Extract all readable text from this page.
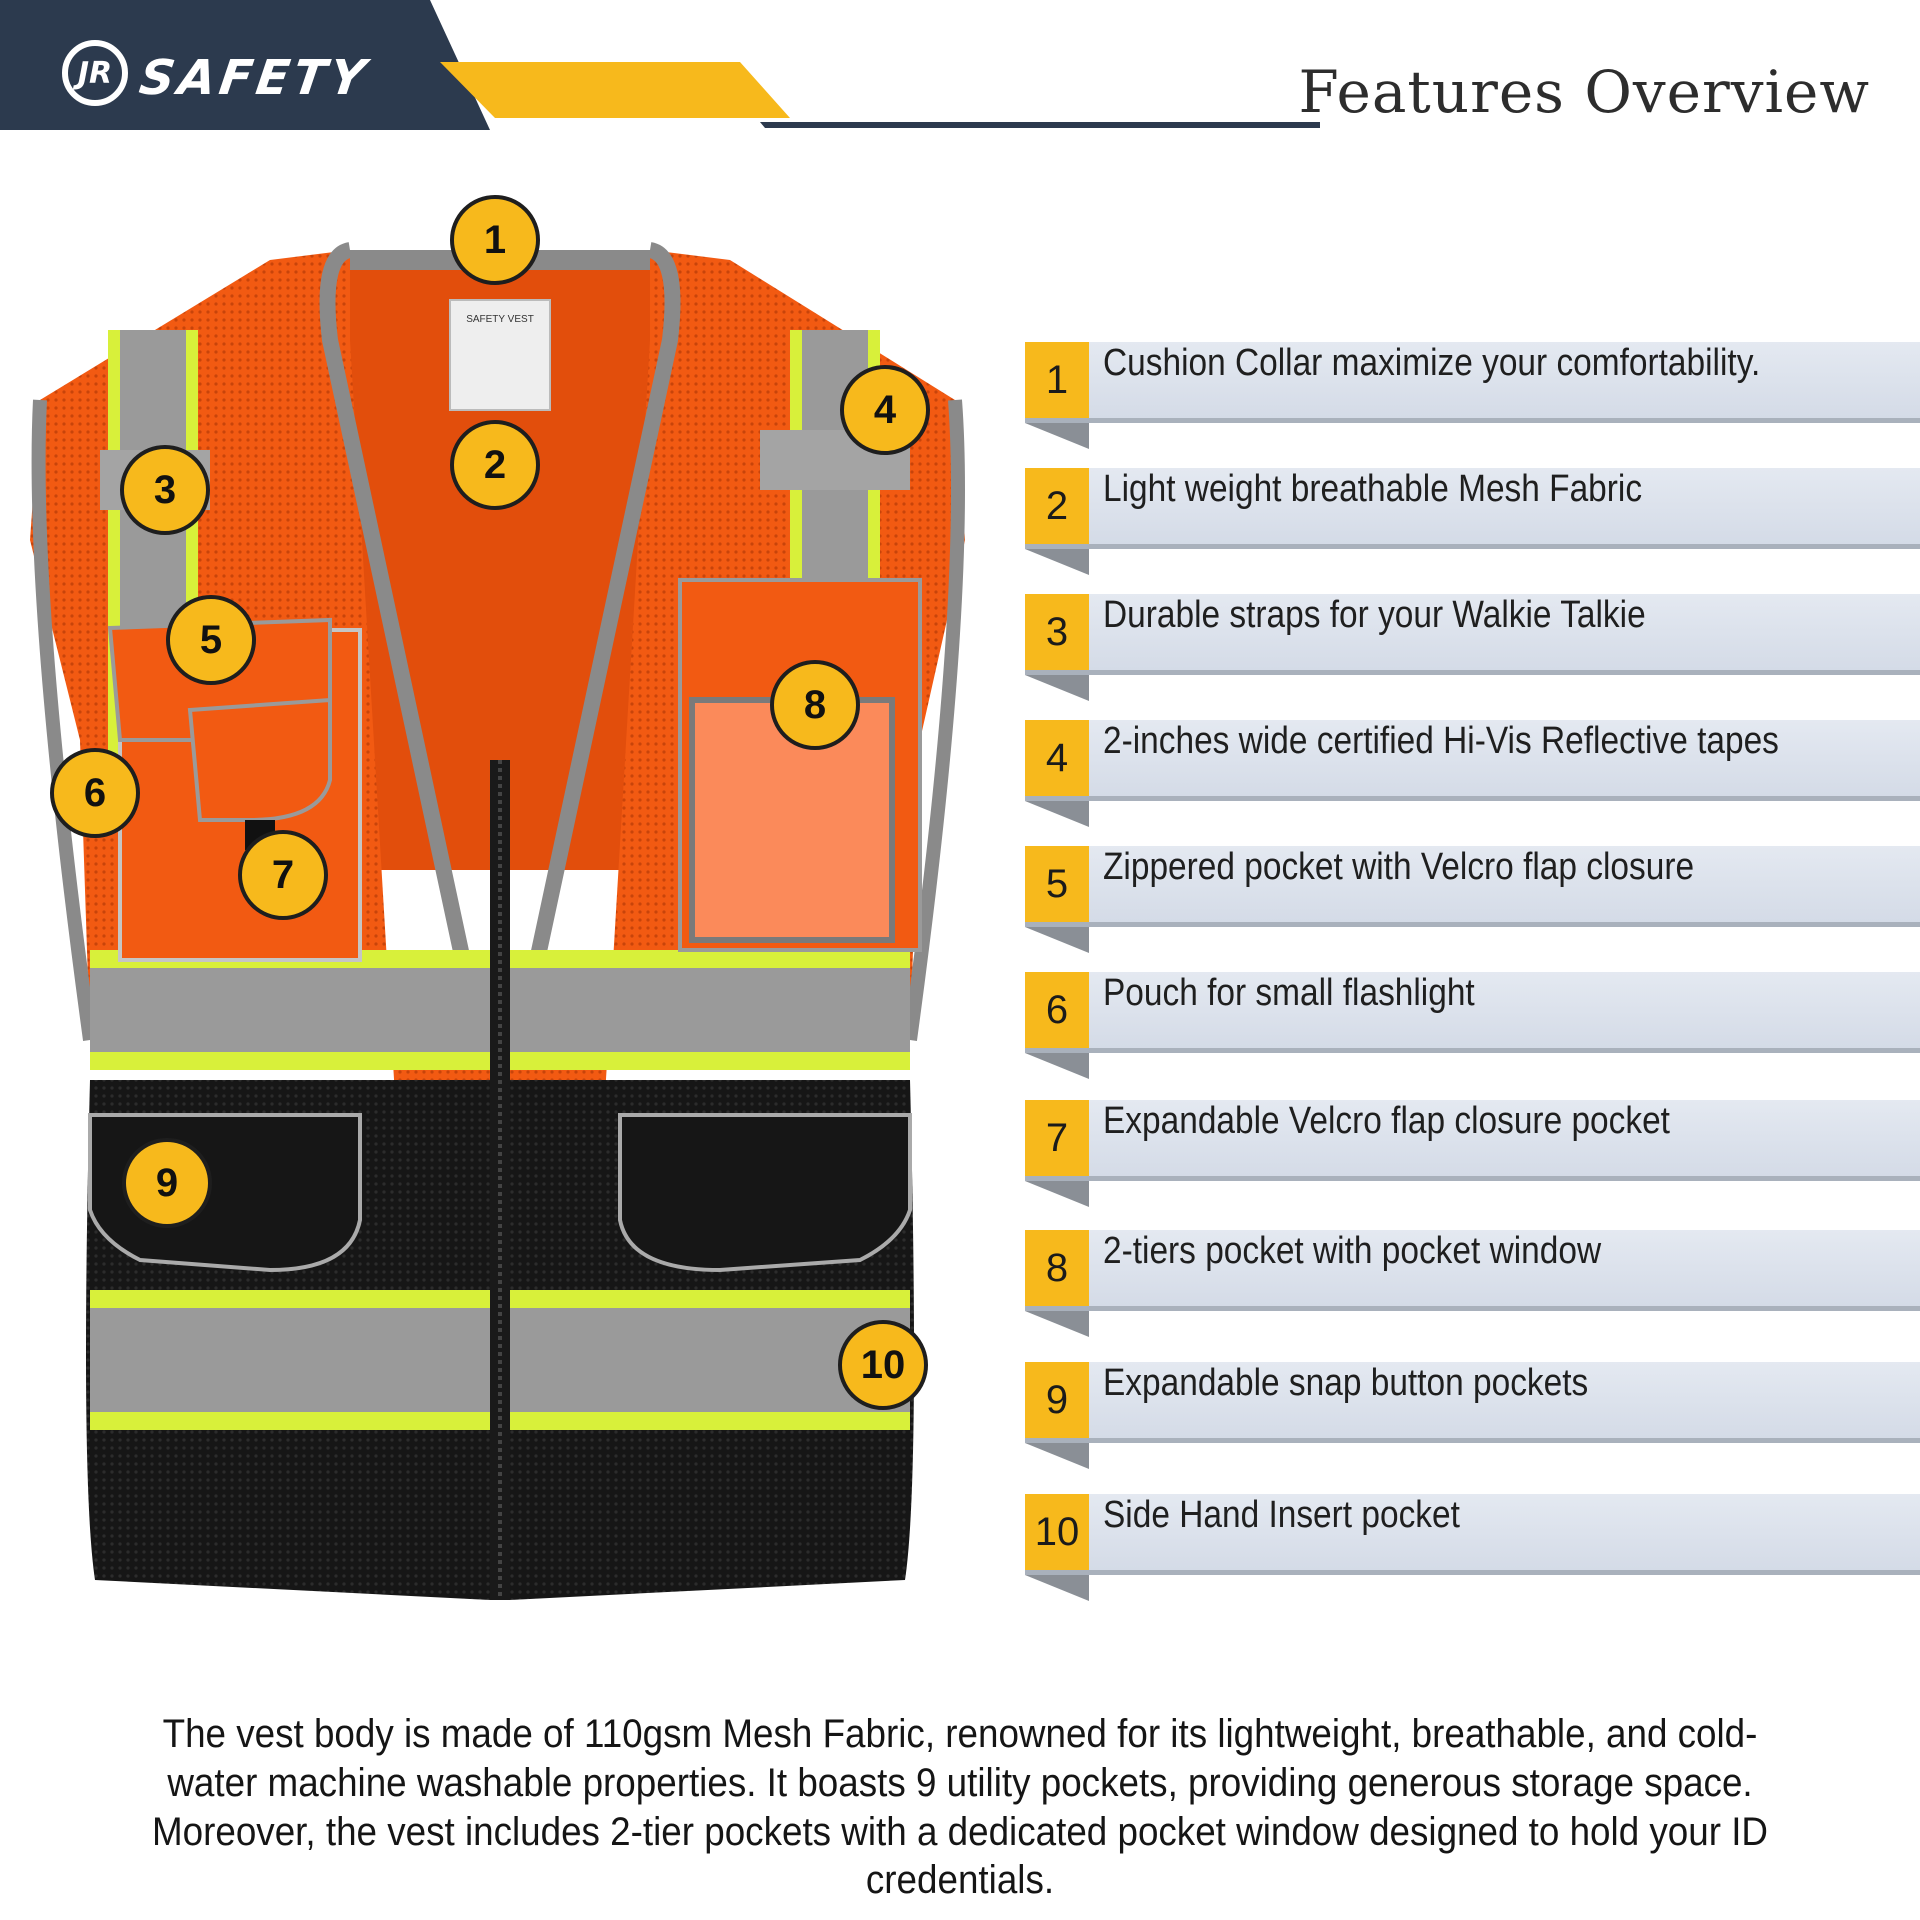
JR SAFETY	Features Overview
SAFETY VEST
1
2
3
4
5
6
7
8
9
10
1 Cushion Collar maximize your comfortability.
2 Light weight breathable Mesh Fabric
3 Durable straps for your Walkie Talkie
4 2-inches wide certified Hi-Vis Reflective tapes
5 Zippered pocket with Velcro flap closure
6 Pouch for small flashlight
7 Expandable Velcro flap closure pocket
8 2-tiers pocket with pocket window
9 Expandable snap button pockets
10 Side Hand Insert pocket
The vest body is made of 110gsm Mesh Fabric, renowned for its lightweight, breathable, and cold-water machine washable properties. It boasts 9 utility pockets, providing generous storage space. Moreover, the vest includes 2-tier pockets with a dedicated pocket window designed to hold your ID credentials.
